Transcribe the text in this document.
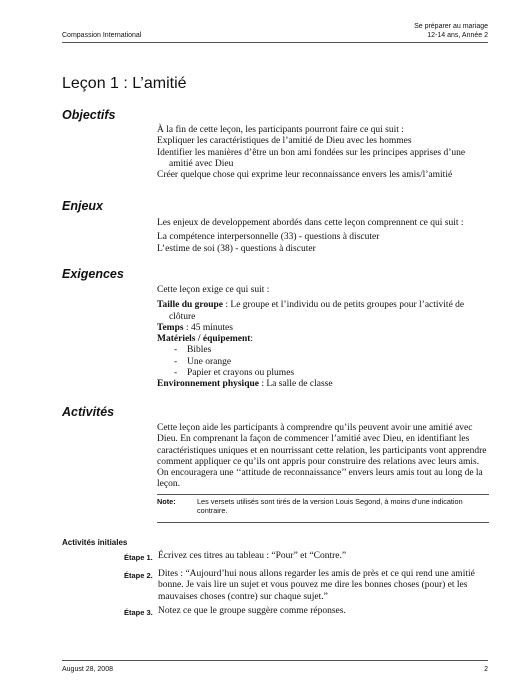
Compassion International
Se préparer au mariage
12-14 ans, Année 2
Leçon 1 : L’amitié
Objectifs

À la fin de cette leçon, les participants pourront faire ce qui suit :

Expliquer les caractéristiques de l’amitié de Dieu avec les hommes

Identifier les manières d’être un bon ami fondées sur les principes apprises d’une amitié avec Dieu

Créer quelque chose qui exprime leur reconnaissance envers les amis/l’amitié

Enjeux

Les enjeux de developpement abordés dans cette leçon comprennent ce qui suit :

La compétence interpersonnelle (33) - questions à discuter

L’estime de soi (38) - questions à discuter

Exigences

Cette leçon exige ce qui suit :

Taille du groupe : Le groupe et l’individu ou de petits groupes pour l’activité de clôture

Temps : 45 minutes

Matériels / équipement:

- Bibles

- Une orange

- Papier et crayons ou plumes

Environnement physique : La salle de classe

Activités
Cette leçon aide les participants à comprendre qu’ils peuvent avoir une amitié avec Dieu. En comprenant la façon de commencer l’amitié avec Dieu, en identifiant les caractéristiques uniques et en nourrissant cette relation, les participants vont apprendre comment appliquer ce qu’ils ont appris pour construire des relations avec leurs amis. On encouragera une ‘‘attitude de reconnaissance’’ envers leurs amis tout au long de la leçon.
Note:	Les versets utilisés sont tirés de la version Louis Segond, à moins d’une indication contraire.
Activités initiales
Étape 1. Écrivez ces titres au tableau : “Pour” et “Contre.”
Étape 2. Dites : “Aujourd’hui nous allons regarder les amis de près et ce qui rend une amitié bonne. Je vais lire un sujet et vous pouvez me dire les bonnes choses (pour) et les mauvaises choses (contre) sur chaque sujet.”
Étape 3. Notez ce que le groupe suggère comme réponses.
August 28, 2008	2
